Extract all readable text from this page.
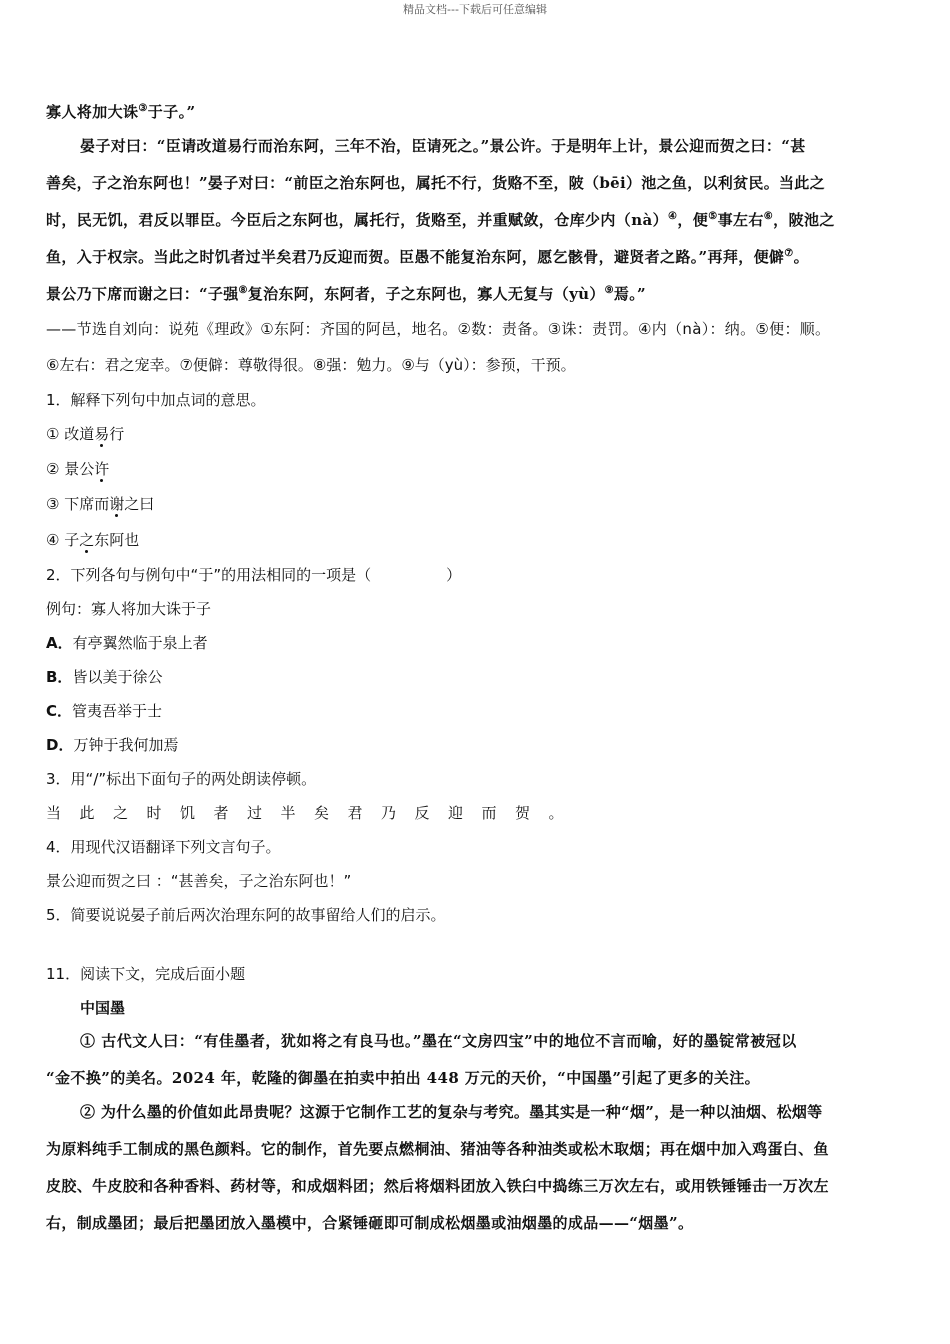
精品文档---下载后可任意编辑
寡人将加大诛③于子。”
晏子对曰：“臣请改道易行而治东阿，三年不治，臣请死之。”景公许。于是明年上计，景公迎而贺之曰：“甚
善矣，子之治东阿也！”晏子对曰：“前臣之治东阿也，属托不行，货赂不至，陂（bēi）池之鱼，以利贫民。当此之
时，民无饥，君反以罪臣。今臣后之东阿也，属托行，货赂至，并重赋敛，仓库少内（nà）④，便⑤事左右⑥，陂池之
鱼，入于权宗。当此之时饥者过半矣君乃反迎而贺。臣愚不能复治东阿，愿乞骸骨，避贤者之路。”再拜，便僻⑦。
景公乃下席而谢之曰：“子强⑧复治东阿，东阿者，子之东阿也，寡人无复与（yù）⑨焉。”
——节选自刘向：说苑《理政》①东阿：齐国的阿邑，地名。②数：责备。③诛：责罚。④内（nà）：纳。⑤便：顺。
⑥左右：君之宠幸。⑦便僻：尊敬得很。⑧强：勉力。⑨与（yù）：参预，干预。
1．解释下列句中加点词的意思。
① 改道易行
② 景公许
③ 下席而谢之曰
④ 子之东阿也
2．下列各句与例句中“于”的用法相同的一项是（　　　　　）
例句：寡人将加大诛于子
A．有亭翼然临于泉上者
B．皆以美于徐公
C．管夷吾举于士
D．万钟于我何加焉
3．用“/”标出下面句子的两处朗读停顿。
当此之时饥者过半矣君乃反迎而贺。
4．用现代汉语翻译下列文言句子。
景公迎而贺之曰 ：“甚善矣，子之治东阿也！”
5．简要说说晏子前后两次治理东阿的故事留给人们的启示。
11．阅读下文，完成后面小题
中国墨
① 古代文人曰：“有佳墨者，犹如将之有良马也。”墨在“文房四宝”中的地位不言而喻，好的墨锭常被冠以
“金不换”的美名。2024 年，乾隆的御墨在拍卖中拍出 448 万元的天价，“中国墨”引起了更多的关注。
② 为什么墨的价值如此昂贵呢？这源于它制作工艺的复杂与考究。墨其实是一种“烟”，是一种以油烟、松烟等
为原料纯手工制成的黑色颜料。它的制作，首先要点燃桐油、猪油等各种油类或松木取烟；再在烟中加入鸡蛋白、鱼
皮胶、牛皮胶和各种香料、药材等，和成烟料团；然后将烟料团放入铁臼中捣练三万次左右，或用铁锤锤击一万次左
右，制成墨团；最后把墨团放入墨模中，合紧锤砸即可制成松烟墨或油烟墨的成品——“烟墨”。
